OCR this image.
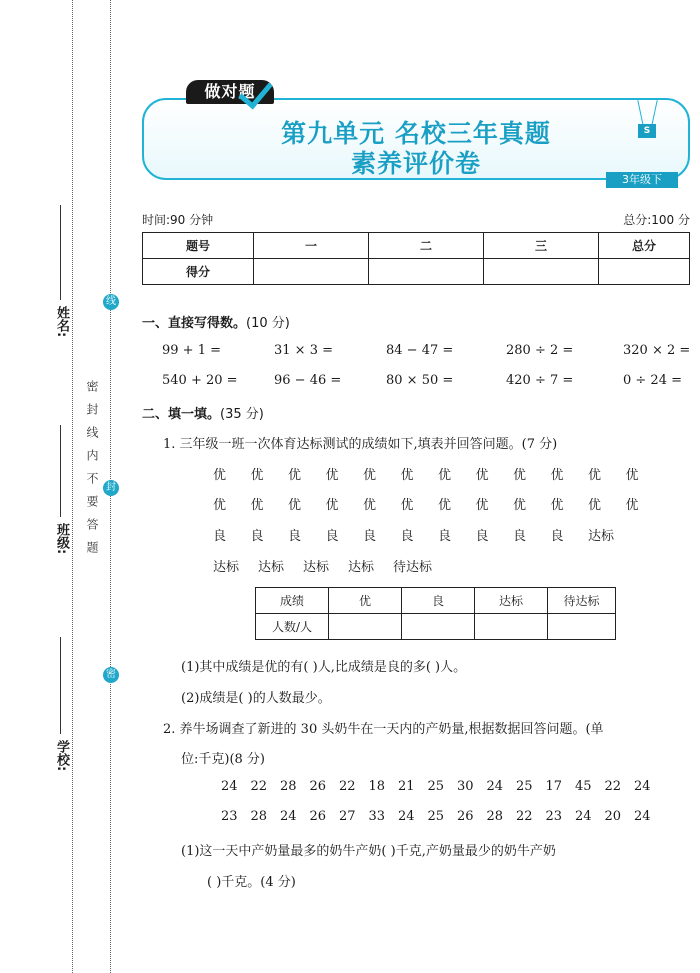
姓名:
班级:
学校:
线
封
密
密封线内不要答题
做对题
第九单元 名校三年真题
素养评价卷
S
3年级下
时间:90 分钟	总分:100 分
题号	一	二	三	总分
得分				
一、直接写得数。(10 分)
99 + 1 =	31 × 3 =	84 − 47 =	280 ÷ 2 =	320 × 2 =
540 + 20 =	96 − 46 =	80 × 50 =	420 ÷ 7 =	0 ÷ 24 =
二、填一填。(35 分)
1. 三年级一班一次体育达标测试的成绩如下,填表并回答问题。(7 分)
优 优 优 优 优 优 优 优 优 优 优 优
优 优 优 优 优 优 优 优 优 优 优 优
良 良 良 良 良 良 良 良 良 良 达标
达标 达标 达标 达标 待达标
成绩	优	良	达标	待达标
人数/人				
(1)其中成绩是优的有( )人,比成绩是良的多( )人。
(2)成绩是( )的人数最少。
2. 养牛场调查了新进的 30 头奶牛在一天内的产奶量,根据数据回答问题。(单
位:千克)(8 分)
24 22 28 26 22 18 21 25 30 24 25 17 45 22 24
23 28 24 26 27 33 24 25 26 28 22 23 24 20 24
(1)这一天中产奶量最多的奶牛产奶( )千克,产奶量最少的奶牛产奶
( )千克。(4 分)
